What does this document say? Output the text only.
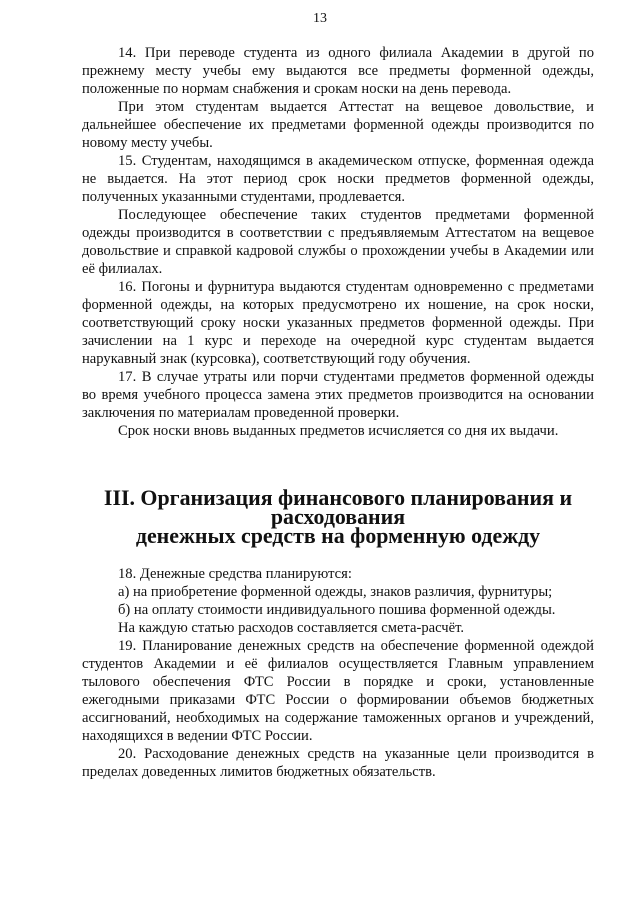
13

14. При переводе студента из одного филиала Академии в другой по прежнему месту учебы ему выдаются все предметы форменной одежды, положенные по нормам снабжения и срокам носки на день перевода.

При этом студентам выдается Аттестат на вещевое довольствие, и дальнейшее обеспечение их предметами форменной одежды производится по новому месту учебы.

15. Студентам, находящимся в академическом отпуске, форменная одежда не выдается. На этот период срок носки предметов форменной одежды, полученных указанными студентами, продлевается.

Последующее обеспечение таких студентов предметами форменной одежды производится в соответствии с предъявляемым Аттестатом на вещевое довольствие и справкой кадровой службы о прохождении учебы в Академии или её филиалах.

16. Погоны и фурнитура выдаются студентам одновременно с предметами форменной одежды, на которых предусмотрено их ношение, на срок носки, соответствующий сроку носки указанных предметов форменной одежды. При зачислении на 1 курс и переходе на очередной курс студентам выдается нарукавный знак (курсовка), соответствующий году обучения.

17. В случае утраты или порчи студентами предметов форменной одежды во время учебного процесса замена этих предметов производится на основании заключения по материалам проведенной проверки.

Срок носки вновь выданных предметов исчисляется со дня их выдачи.

III. Организация финансового планирования и расходования
денежных средств на форменную одежду

18. Денежные средства планируются:

а) на приобретение форменной одежды, знаков различия, фурнитуры;

б) на оплату стоимости индивидуального пошива форменной одежды.

На каждую статью расходов составляется смета-расчёт.

19. Планирование денежных средств на обеспечение форменной одеждой студентов Академии и её филиалов осуществляется Главным управлением тылового обеспечения ФТС России в порядке и сроки, установленные ежегодными приказами ФТС России о формировании объемов бюджетных ассигнований, необходимых на содержание таможенных органов и учреждений, находящихся в ведении ФТС России.

20. Расходование денежных средств на указанные цели производится в пределах доведенных лимитов бюджетных обязательств.
